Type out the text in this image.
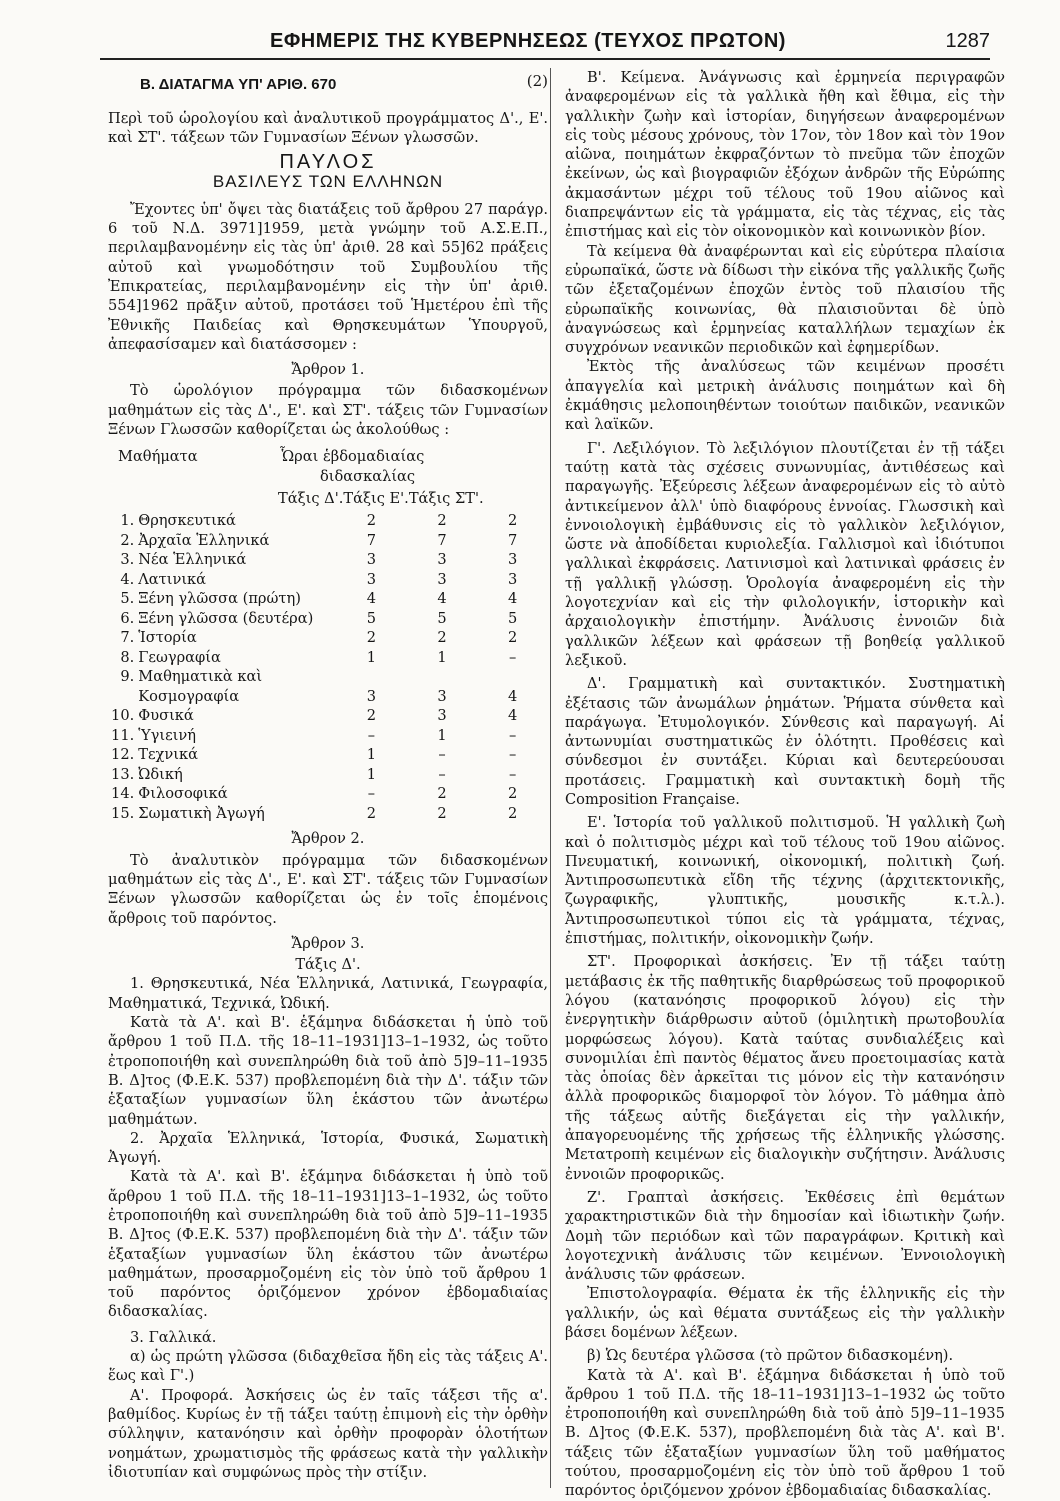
ΕΦΗΜΕΡΙΣ ΤΗΣ ΚΥΒΕΡΝΗΣΕΩΣ (ΤΕΥΧΟΣ ΠΡΩΤΟΝ)	1287
(2)
Β. ΔΙΑΤΑΓΜΑ ΥΠ' ΑΡΙΘ. 670

Περὶ τοῦ ὡρολογίου καὶ ἀναλυτικοῦ προγράμματος Δ'., Ε'. καὶ ΣΤ'. τάξεων τῶν Γυμνασίων Ξένων γλωσσῶν.

ΠΑΥΛΟΣ
ΒΑΣΙΛΕΥΣ ΤΩΝ ΕΛΛΗΝΩΝ

Ἔχοντες ὑπ' ὄψει τὰς διατάξεις τοῦ ἄρθρου 27 παράγρ. 6 τοῦ Ν.Δ. 3971]1959, μετὰ γνώμην τοῦ Α.Σ.Ε.Π., περιλαμβανομένην εἰς τὰς ὑπ' ἀριθ. 28 καὶ 55]62 πράξεις αὐτοῦ καὶ γνωμοδότησιν τοῦ Συμβουλίου τῆς Ἐπικρατείας, περιλαμβανομένην εἰς τὴν ὑπ' ἀριθ. 554]1962 πρᾶξιν αὐτοῦ, προτάσει τοῦ Ἡμετέρου ἐπὶ τῆς Ἐθνικῆς Παιδείας καὶ Θρησκευμάτων Ὑπουργοῦ, ἀπεφασίσαμεν καὶ διατάσσομεν :

Ἄρθρον 1.

Τὸ ὡρολόγιον πρόγραμμα τῶν διδασκομένων μαθημάτων εἰς τὰς Δ'., Ε'. καὶ ΣΤ'. τάξεις τῶν Γυμνασίων Ξένων Γλωσσῶν καθορίζεται ὡς ἀκολούθως :

Μαθήματα	Ὧραι ἑβδομαδιαίας
διδασκαλίας
Τάξις Δ'.Τάξις Ε'.Τάξις ΣΤ'.
1.	Θρησκευτικά	2	2	2
2.	Ἀρχαῖα Ἑλληνικά	7	7	7
3.	Νέα Ἑλληνικά	3	3	3
4.	Λατινικά	3	3	3
5.	Ξένη γλῶσσα (πρώτη)	4	4	4
6.	Ξένη γλῶσσα (δευτέρα)	5	5	5
7.	Ἱστορία	2	2	2
8.	Γεωγραφία	1	1	–
9.	Μαθηματικὰ καὶ			
	Κοσμογραφία	3	3	4
10.	Φυσικά	2	3	4
11.	Ὑγιεινή	–	1	–
12.	Τεχνικά	1	–	–
13.	Ὠδική	1	–	–
14.	Φιλοσοφικά	–	2	2
15.	Σωματικὴ Ἀγωγή	2	2	2
Ἄρθρον 2.

Τὸ ἀναλυτικὸν πρόγραμμα τῶν διδασκομένων μαθημάτων εἰς τὰς Δ'., Ε'. καὶ ΣΤ'. τάξεις τῶν Γυμνασίων Ξένων γλωσσῶν καθορίζεται ὡς ἐν τοῖς ἑπομένοις ἄρθροις τοῦ παρόντος.

Ἄρθρον 3.
Τάξις Δ'.

1. Θρησκευτικά, Νέα Ἑλληνικά, Λατινικά, Γεωγραφία, Μαθηματικά, Τεχνικά, Ὠδική.

Κατὰ τὰ Α'. καὶ Β'. ἑξάμηνα διδάσκεται ἡ ὑπὸ τοῦ ἄρθρου 1 τοῦ Π.Δ. τῆς 18–11–1931]13–1–1932, ὡς τοῦτο ἐτροποποιήθη καὶ συνεπληρώθη διὰ τοῦ ἀπὸ 5]9–11–1935 Β. Δ]τος (Φ.Ε.Κ. 537) προβλεπομένη διὰ τὴν Δ'. τάξιν τῶν ἑξαταξίων γυμνασίων ὕλη ἑκάστου τῶν ἀνωτέρω μαθημάτων.

2. Ἀρχαῖα Ἑλληνικά, Ἱστορία, Φυσικά, Σωματικὴ Ἀγωγή.

Κατὰ τὰ Α'. καὶ Β'. ἑξάμηνα διδάσκεται ἡ ὑπὸ τοῦ ἄρθρου 1 τοῦ Π.Δ. τῆς 18–11–1931]13–1–1932, ὡς τοῦτο ἐτροποποιήθη καὶ συνεπληρώθη διὰ τοῦ ἀπὸ 5]9–11–1935 Β. Δ]τος (Φ.Ε.Κ. 537) προβλεπομένη διὰ τὴν Δ'. τάξιν τῶν ἑξαταξίων γυμνασίων ὕλη ἑκάστου τῶν ἀνωτέρω μαθημάτων, προσαρμοζομένη εἰς τὸν ὑπὸ τοῦ ἄρθρου 1 τοῦ παρόντος ὁριζόμενον χρόνον ἑβδομαδιαίας διδασκαλίας.

3. Γαλλικά.

α) ὡς πρώτη γλῶσσα (διδαχθεῖσα ἤδη εἰς τὰς τάξεις Α'. ἕως καὶ Γ'.)

Α'. Προφορά. Ἀσκήσεις ὡς ἐν ταῖς τάξεσι τῆς α'. βαθμίδος. Κυρίως ἐν τῇ τάξει ταύτῃ ἐπιμονὴ εἰς τὴν ὀρθὴν σύλληψιν, κατανόησιν καὶ ὀρθὴν προφορὰν ὁλοτήτων νοημάτων, χρωματισμὸς τῆς φράσεως κατὰ τὴν γαλλικὴν ἰδιοτυπίαν καὶ συμφώνως πρὸς τὴν στίξιν.

Β'. Κείμενα. Ἀνάγνωσις καὶ ἑρμηνεία περιγραφῶν ἀναφερομένων εἰς τὰ γαλλικὰ ἤθη καὶ ἔθιμα, εἰς τὴν γαλλικὴν ζωὴν καὶ ἱστορίαν, διηγήσεων ἀναφερομένων εἰς τοὺς μέσους χρόνους, τὸν 17ον, τὸν 18ον καὶ τὸν 19ον αἰῶνα, ποιημάτων ἐκφραζόντων τὸ πνεῦμα τῶν ἐποχῶν ἐκείνων, ὡς καὶ βιογραφιῶν ἐξόχων ἀνδρῶν τῆς Εὐρώπης ἀκμασάντων μέχρι τοῦ τέλους τοῦ 19ου αἰῶνος καὶ διαπρεψάντων εἰς τὰ γράμματα, εἰς τὰς τέχνας, εἰς τὰς ἐπιστήμας καὶ εἰς τὸν οἰκονομικὸν καὶ κοινωνικὸν βίον.

Τὰ κείμενα θὰ ἀναφέρωνται καὶ εἰς εὐρύτερα πλαίσια εὐρωπαϊκά, ὥστε νὰ δίδωσι τὴν εἰκόνα τῆς γαλλικῆς ζωῆς τῶν ἐξεταζομένων ἐποχῶν ἐντὸς τοῦ πλαισίου τῆς εὐρωπαϊκῆς κοινωνίας, θὰ πλαισιοῦνται δὲ ὑπὸ ἀναγνώσεως καὶ ἑρμηνείας καταλλήλων τεμαχίων ἐκ συγχρόνων νεανικῶν περιοδικῶν καὶ ἐφημερίδων.

Ἐκτὸς τῆς ἀναλύσεως τῶν κειμένων προσέτι ἀπαγγελία καὶ μετρικὴ ἀνάλυσις ποιημάτων καὶ δὴ ἐκμάθησις μελοποιηθέντων τοιούτων παιδικῶν, νεανικῶν καὶ λαϊκῶν.

Γ'. Λεξιλόγιον. Τὸ λεξιλόγιον πλουτίζεται ἐν τῇ τάξει ταύτῃ κατὰ τὰς σχέσεις συνωνυμίας, ἀντιθέσεως καὶ παραγωγῆς. Ἐξεύρεσις λέξεων ἀναφερομένων εἰς τὸ αὐτὸ ἀντικείμενον ἀλλ' ὑπὸ διαφόρους ἐννοίας. Γλωσσικὴ καὶ ἐννοιολογικὴ ἐμβάθυνσις εἰς τὸ γαλλικὸν λεξιλόγιον, ὥστε νὰ ἀποδίδεται κυριολεξία. Γαλλισμοὶ καὶ ἰδιότυποι γαλλικαὶ ἐκφράσεις. Λατινισμοὶ καὶ λατινικαὶ φράσεις ἐν τῇ γαλλικῇ γλώσσῃ. Ὁρολογία ἀναφερομένη εἰς τὴν λογοτεχνίαν καὶ εἰς τὴν φιλολογικήν, ἱστορικὴν καὶ ἀρχαιολογικὴν ἐπιστήμην. Ἀνάλυσις ἐννοιῶν διὰ γαλλικῶν λέξεων καὶ φράσεων τῇ βοηθείᾳ γαλλικοῦ λεξικοῦ.

Δ'. Γραμματικὴ καὶ συντακτικόν. Συστηματικὴ ἐξέτασις τῶν ἀνωμάλων ῥημάτων. Ῥήματα σύνθετα καὶ παράγωγα. Ἐτυμολογικόν. Σύνθεσις καὶ παραγωγή. Αἱ ἀντωνυμίαι συστηματικῶς ἐν ὁλότητι. Προθέσεις καὶ σύνδεσμοι ἐν συντάξει. Κύριαι καὶ δευτερεύουσαι προτάσεις. Γραμματικὴ καὶ συντακτικὴ δομὴ τῆς Composition Française.

Ε'. Ἱστορία τοῦ γαλλικοῦ πολιτισμοῦ. Ἡ γαλλικὴ ζωὴ καὶ ὁ πολιτισμὸς μέχρι καὶ τοῦ τέλους τοῦ 19ου αἰῶνος. Πνευματική, κοινωνική, οἰκονομική, πολιτικὴ ζωή. Ἀντιπροσωπευτικὰ εἴδη τῆς τέχνης (ἀρχιτεκτονικῆς, ζωγραφικῆς, γλυπτικῆς, μουσικῆς κ.τ.λ.). Ἀντιπροσωπευτικοὶ τύποι εἰς τὰ γράμματα, τέχνας, ἐπιστήμας, πολιτικήν, οἰκονομικὴν ζωήν.

ΣΤ'. Προφορικαὶ ἀσκήσεις. Ἐν τῇ τάξει ταύτῃ μετάβασις ἐκ τῆς παθητικῆς διαρθρώσεως τοῦ προφορικοῦ λόγου (κατανόησις προφορικοῦ λόγου) εἰς τὴν ἐνεργητικὴν διάρθρωσιν αὐτοῦ (ὁμιλητικὴ πρωτοβουλία μορφώσεως λόγου). Κατὰ ταύτας συνδιαλέξεις καὶ συνομιλίαι ἐπὶ παντὸς θέματος ἄνευ προετοιμασίας κατὰ τὰς ὁποίας δὲν ἀρκεῖται τις μόνον εἰς τὴν κατανόησιν ἀλλὰ προφορικῶς διαμορφοῖ τὸν λόγον. Τὸ μάθημα ἀπὸ τῆς τάξεως αὐτῆς διεξάγεται εἰς τὴν γαλλικήν, ἀπαγορευομένης τῆς χρήσεως τῆς ἑλληνικῆς γλώσσης. Μετατροπὴ κειμένων εἰς διαλογικὴν συζήτησιν. Ἀνάλυσις ἐννοιῶν προφορικῶς.

Ζ'. Γραπταὶ ἀσκήσεις. Ἐκθέσεις ἐπὶ θεμάτων χαρακτηριστικῶν διὰ τὴν δημοσίαν καὶ ἰδιωτικὴν ζωήν. Δομὴ τῶν περιόδων καὶ τῶν παραγράφων. Κριτικὴ καὶ λογοτεχνικὴ ἀνάλυσις τῶν κειμένων. Ἐννοιολογικὴ ἀνάλυσις τῶν φράσεων.

Ἐπιστολογραφία. Θέματα ἐκ τῆς ἑλληνικῆς εἰς τὴν γαλλικήν, ὡς καὶ θέματα συντάξεως εἰς τὴν γαλλικὴν βάσει δομένων λέξεων.

β) Ὡς δευτέρα γλῶσσα (τὸ πρῶτον διδασκομένη).

Κατὰ τὰ Α'. καὶ Β'. ἑξάμηνα διδάσκεται ἡ ὑπὸ τοῦ ἄρθρου 1 τοῦ Π.Δ. τῆς 18–11–1931]13–1–1932 ὡς τοῦτο ἐτροποποιήθη καὶ συνεπληρώθη διὰ τοῦ ἀπὸ 5]9–11–1935 Β. Δ]τος (Φ.Ε.Κ. 537), προβλεπομένη διὰ τὰς Α'. καὶ Β'. τάξεις τῶν ἑξαταξίων γυμνασίων ὕλη τοῦ μαθήματος τούτου, προσαρμοζομένη εἰς τὸν ὑπὸ τοῦ ἄρθρου 1 τοῦ παρόντος ὁριζόμενον χρόνον ἑβδομαδιαίας διδασκαλίας.
